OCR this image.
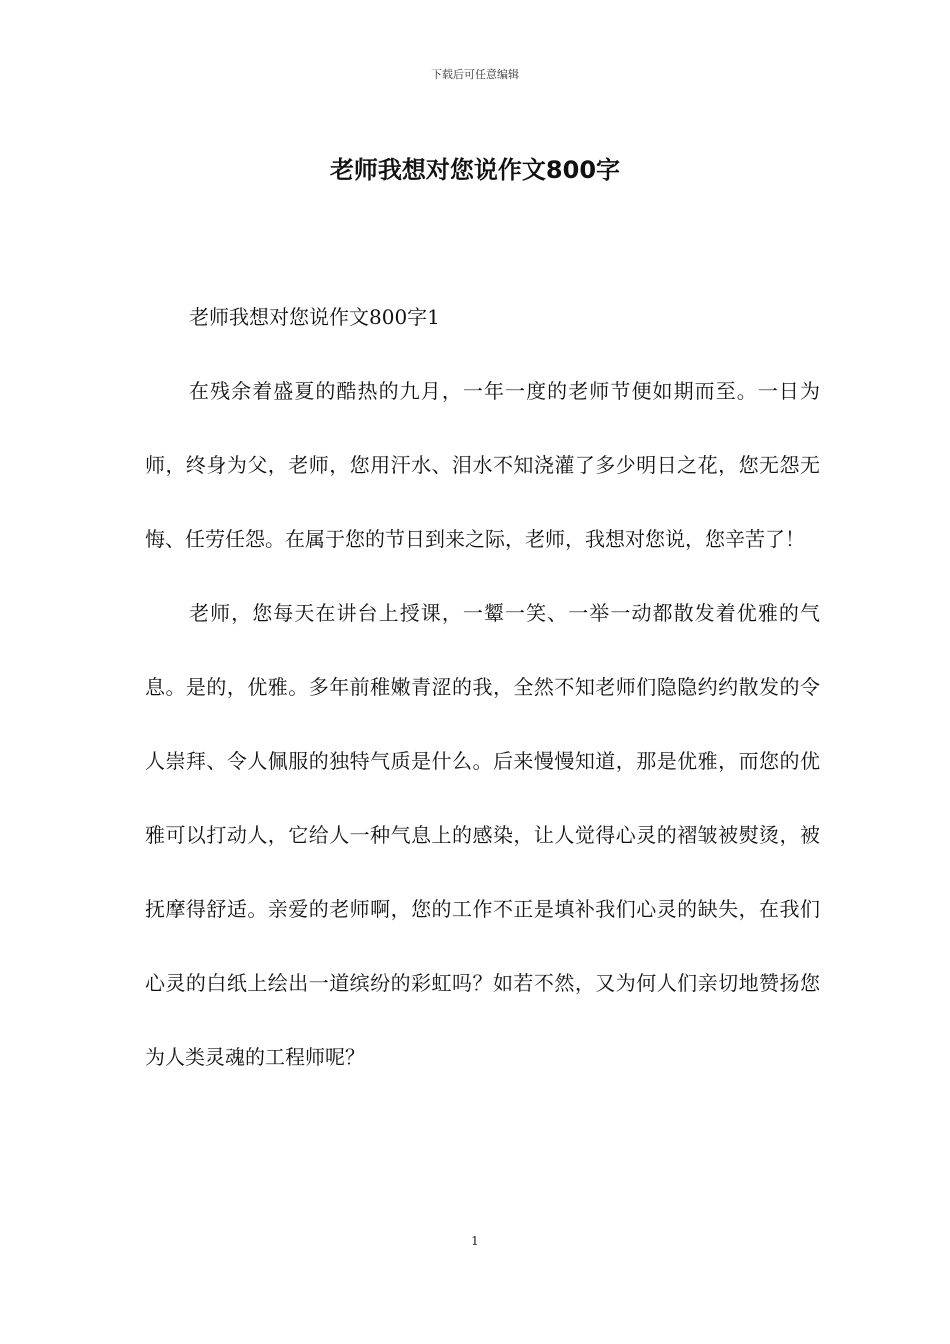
下载后可任意编辑
老师我想对您说作文800字

老师我想对您说作文800字1

在残余着盛夏的酷热的九月，一年一度的老师节便如期而至。一日为师，终身为父，老师，您用汗水、泪水不知浇灌了多少明日之花，您无怨无悔、任劳任怨。在属于您的节日到来之际，老师，我想对您说，您辛苦了！

老师，您每天在讲台上授课，一颦一笑、一举一动都散发着优雅的气息。是的，优雅。多年前稚嫩青涩的我，全然不知老师们隐隐约约散发的令人崇拜、令人佩服的独特气质是什么。后来慢慢知道，那是优雅，而您的优雅可以打动人，它给人一种气息上的感染，让人觉得心灵的褶皱被熨烫，被抚摩得舒适。亲爱的老师啊，您的工作不正是填补我们心灵的缺失，在我们心灵的白纸上绘出一道缤纷的彩虹吗？如若不然，又为何人们亲切地赞扬您为人类灵魂的工程师呢？

1
